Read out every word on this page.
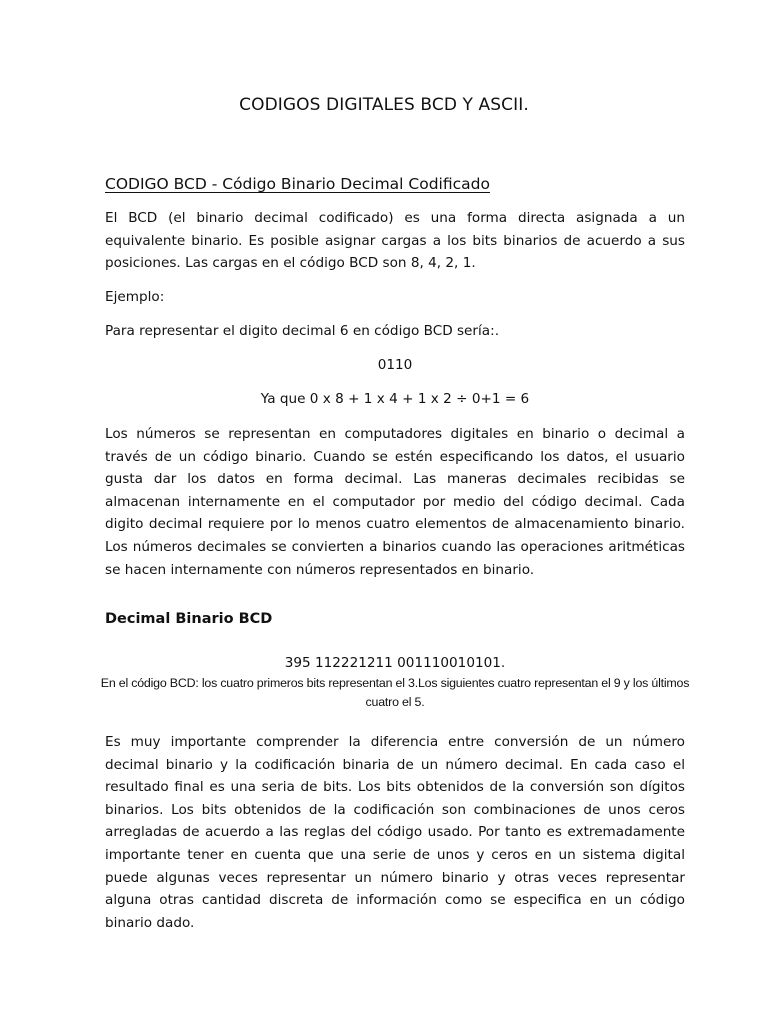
CODIGOS DIGITALES BCD Y ASCII.
CODIGO BCD - Código Binario Decimal Codificado
El BCD (el binario decimal codificado) es una forma directa asignada a un equivalente binario. Es posible asignar cargas a los bits binarios de acuerdo a sus posiciones. Las cargas en el código BCD son 8, 4, 2, 1.
Ejemplo:
Para representar el digito decimal 6 en código BCD sería:.
0110
Ya que 0 x 8 + 1 x 4 + 1 x 2 ÷ 0+1 = 6
Los números se representan en computadores digitales en binario o decimal a través de un código binario. Cuando se estén especificando los datos, el usuario gusta dar los datos en forma decimal. Las maneras decimales recibidas se almacenan internamente en el computador por medio del código decimal. Cada digito decimal requiere por lo menos cuatro elementos de almacenamiento binario. Los números decimales se convierten a binarios cuando las operaciones aritméticas se hacen internamente con números representados en binario.
Decimal Binario BCD
395 112221211 001110010101.
En el código BCD: los cuatro primeros bits representan el 3.Los siguientes cuatro representan el 9 y los últimos cuatro el 5.
Es muy importante comprender la diferencia entre conversión de un número decimal binario y la codificación binaria de un número decimal. En cada caso el resultado final es una seria de bits. Los bits obtenidos de la conversión son dígitos binarios. Los bits obtenidos de la codificación son combinaciones de unos ceros arregladas de acuerdo a las reglas del código usado. Por tanto es extremadamente importante tener en cuenta que una serie de unos y ceros en un sistema digital puede algunas veces representar un número binario y otras veces representar alguna otras cantidad discreta de información como se especifica en un código binario dado.
